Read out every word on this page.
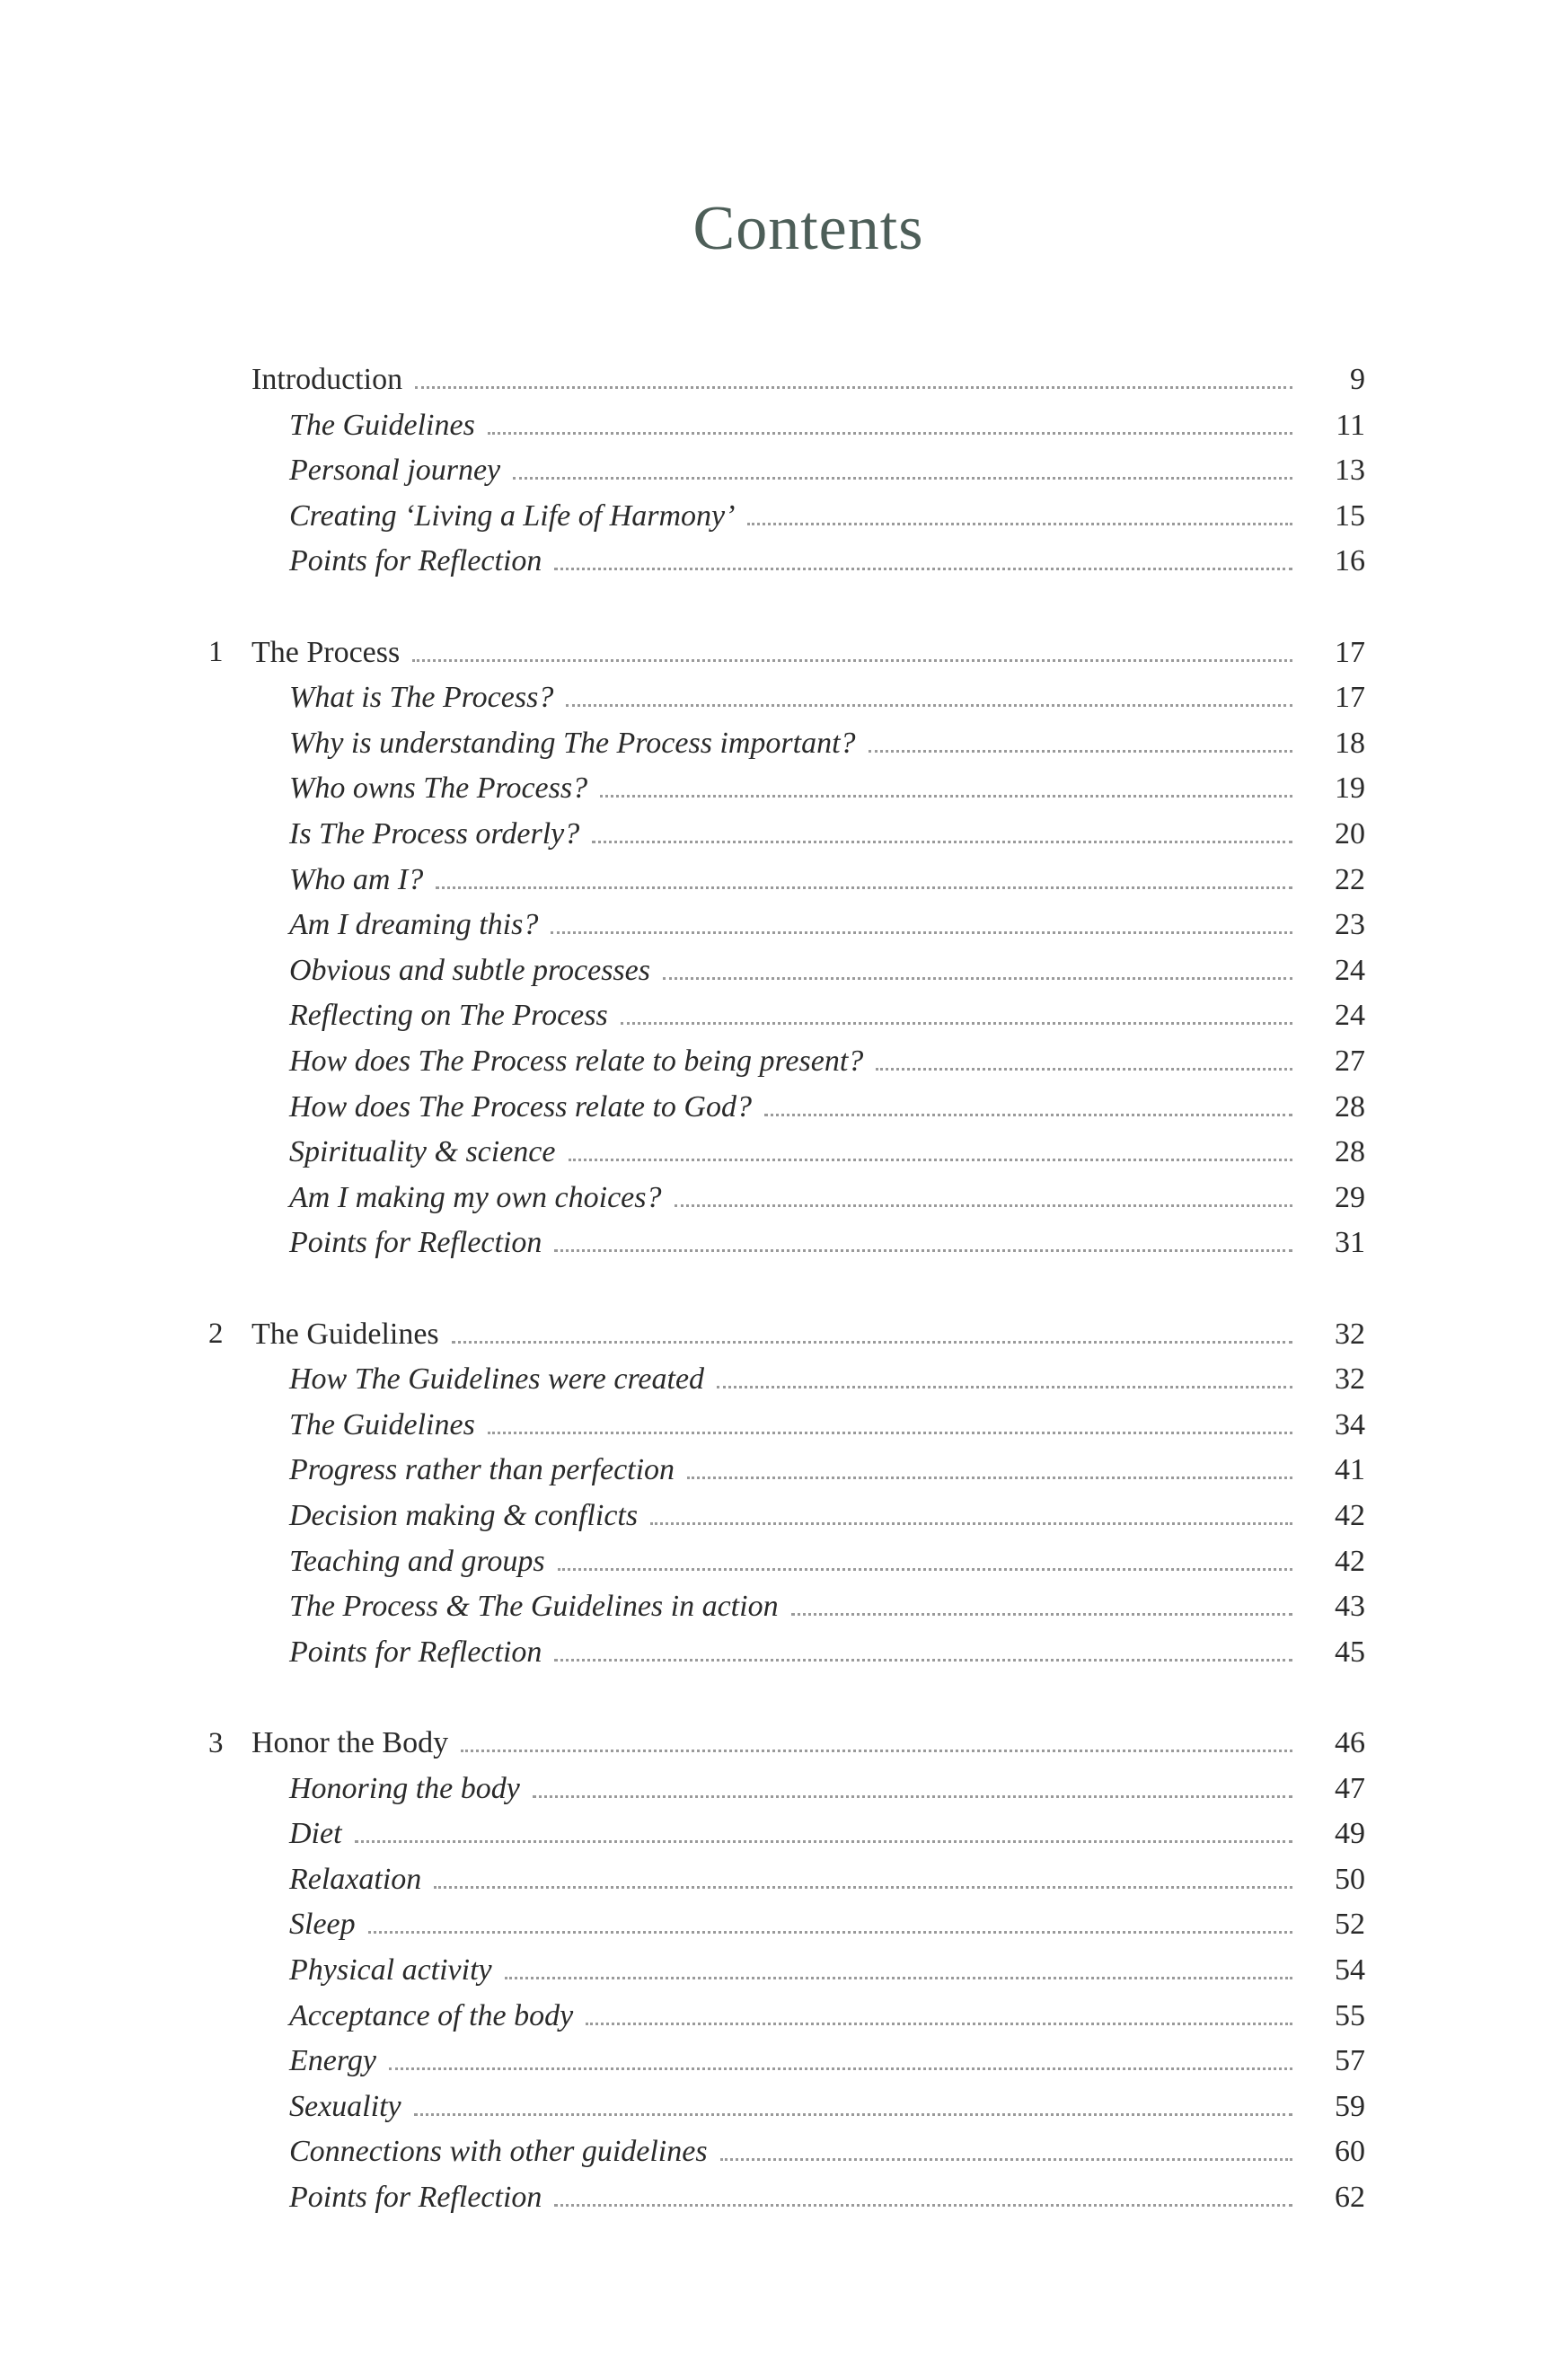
Contents
Introduction	9
The Guidelines	11
Personal journey	13
Creating ‘Living a Life of Harmony’	15
Points for Reflection	16
1 The Process	17
What is The Process?	17
Why is understanding The Process important?	18
Who owns The Process?	19
Is The Process orderly?	20
Who am I?	22
Am I dreaming this?	23
Obvious and subtle processes	24
Reflecting on The Process	24
How does The Process relate to being present?	27
How does The Process relate to God?	28
Spirituality & science	28
Am I making my own choices?	29
Points for Reflection	31
2 The Guidelines	32
How The Guidelines were created	32
The Guidelines	34
Progress rather than perfection	41
Decision making & conflicts	42
Teaching and groups	42
The Process & The Guidelines in action	43
Points for Reflection	45
3 Honor the Body	46
Honoring the body	47
Diet	49
Relaxation	50
Sleep	52
Physical activity	54
Acceptance of the body	55
Energy	57
Sexuality	59
Connections with other guidelines	60
Points for Reflection	62
